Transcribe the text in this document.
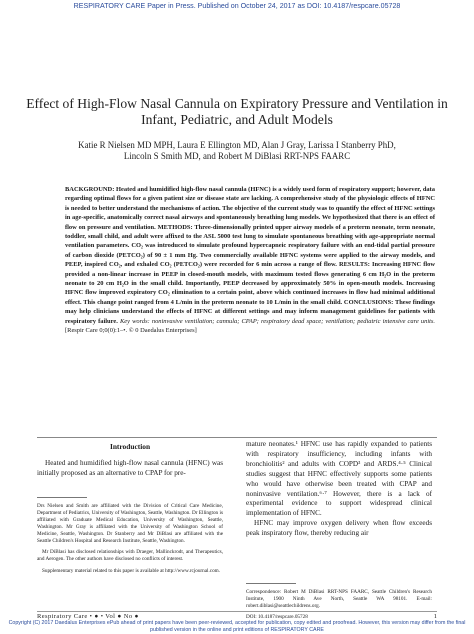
RESPIRATORY CARE Paper in Press. Published on October 24, 2017 as DOI: 10.4187/respcare.05728
Effect of High-Flow Nasal Cannula on Expiratory Pressure and Ventilation in Infant, Pediatric, and Adult Models
Katie R Nielsen MD MPH, Laura E Ellington MD, Alan J Gray, Larissa I Stanberry PhD,
Lincoln S Smith MD, and Robert M DiBlasi RRT-NPS FAARC
BACKGROUND: Heated and humidified high-flow nasal cannula (HFNC) is a widely used form of respiratory support; however, data regarding optimal flows for a given patient size or disease state are lacking. A comprehensive study of the physiologic effects of HFNC is needed to better understand the mechanisms of action. The objective of the current study was to quantify the effect of HFNC settings in age-specific, anatomically correct nasal airways and spontaneously breathing lung models. We hypothesized that there is an effect of flow on pressure and ventilation. METHODS: Three-dimensionally printed upper airway models of a preterm neonate, term neonate, toddler, small child, and adult were affixed to the ASL 5000 test lung to simulate spontaneous breathing with age-appropriate normal ventilation parameters. CO₂ was introduced to simulate profound hypercapneic respiratory failure with an end-tidal partial pressure of carbon dioxide (PETCO₂) of 90 ± 1 mm Hg. Two commercially available HFNC systems were applied to the airway models, and PEEP, inspired CO₂, and exhaled CO₂ (PETCO₂) were recorded for 6 min across a range of flow. RESULTS: Increasing HFNC flow provided a non-linear increase in PEEP in closed-mouth models, with maximum tested flows generating 6 cm H₂O in the preterm neonate to 20 cm H₂O in the small child. Importantly, PEEP decreased by approximately 50% in open-mouth models. Increasing HFNC flow improved expiratory CO₂ elimination to a certain point, above which continued increases in flow had minimal additional effect. This change point ranged from 4 L/min in the preterm neonate to 10 L/min in the small child. CONCLUSIONS: These findings may help clinicians understand the effects of HFNC at different settings and may inform management guidelines for patients with respiratory failure. Key words: noninvasive ventilation; cannula; CPAP; respiratory dead space; ventilation; pediatric intensive care units. [Respir Care 0;0(0):1–•. © 0 Daedalus Enterprises]
Introduction

Heated and humidified high-flow nasal cannula (HFNC) was initially proposed as an alternative to CPAP for pre-

Drs Nielsen and Smith are affiliated with the Division of Critical Care Medicine, Department of Pediatrics, University of Washington, Seattle, Washington. Dr Ellington is affiliated with Graduate Medical Education, University of Washington, Seattle, Washington. Mr Gray is affiliated with the University of Washington School of Medicine, Seattle, Washington. Dr Stanberry and Mr DiBlasi are affiliated with the Seattle Children's Hospital and Research Institute, Seattle, Washington.

Mr DiBlasi has disclosed relationships with Draeger, Mallinckrodt, and Therapeutics, and Aerogen. The other authors have disclosed no conflicts of interest.

Supplementary material related to this paper is available at http://www.rcjournal.com.

mature neonates.¹ HFNC use has rapidly expanded to patients with respiratory insufficiency, including infants with bronchiolitis² and adults with COPD³ and ARDS.⁴·⁵ Clinical studies suggest that HFNC effectively supports some patients who would have otherwise been treated with CPAP and noninvasive ventilation.⁶·⁷ However, there is a lack of experimental evidence to support widespread clinical implementation of HFNC.

HFNC may improve oxygen delivery when flow exceeds peak inspiratory flow, thereby reducing air

Correspondence: Robert M DiBlasi RRT-NPS FAARC, Seattle Children's Research Institute, 1900 Ninth Ave North, Seattle WA 98101. E-mail: robert.diblasi@seattlechildrens.org.

DOI: 10.4187/respcare.05728

Respiratory Care • ● • Vol ● No ●	1
Copyright (C) 2017 Daedalus Enterprises ePub ahead of print papers have been peer-reviewed, accepted for publication, copy edited and proofread. However, this version may differ from the final published version in the online and print editions of RESPIRATORY CARE
